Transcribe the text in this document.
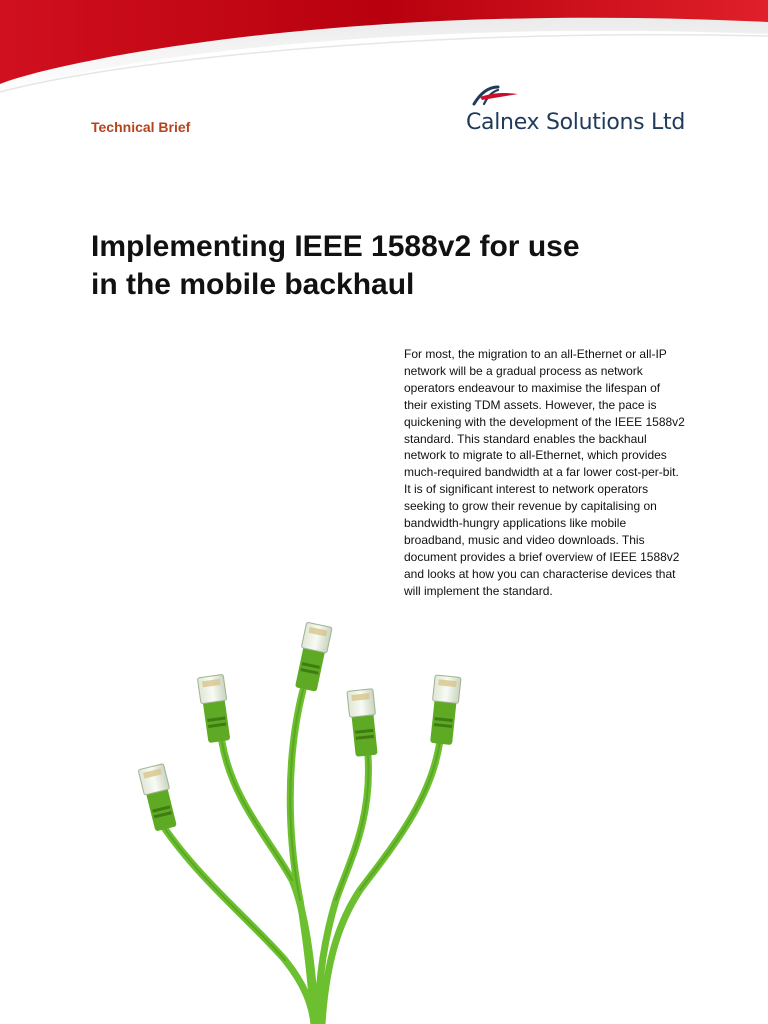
Technical Brief	Calnex Solutions Ltd
Implementing IEEE 1588v2 for use
in the mobile backhaul

For most, the migration to an all-Ethernet or all-IP
network will be a gradual process as network
operators endeavour to maximise the lifespan of
their existing TDM assets. However, the pace is
quickening with the development of the IEEE 1588v2
standard. This standard enables the backhaul
network to migrate to all-Ethernet, which provides
much-required bandwidth at a far lower cost-per-bit.
It is of significant interest to network operators
seeking to grow their revenue by capitalising on
bandwidth-hungry applications like mobile
broadband, music and video downloads. This
document provides a brief overview of IEEE 1588v2
and looks at how you can characterise devices that
will implement the standard.
